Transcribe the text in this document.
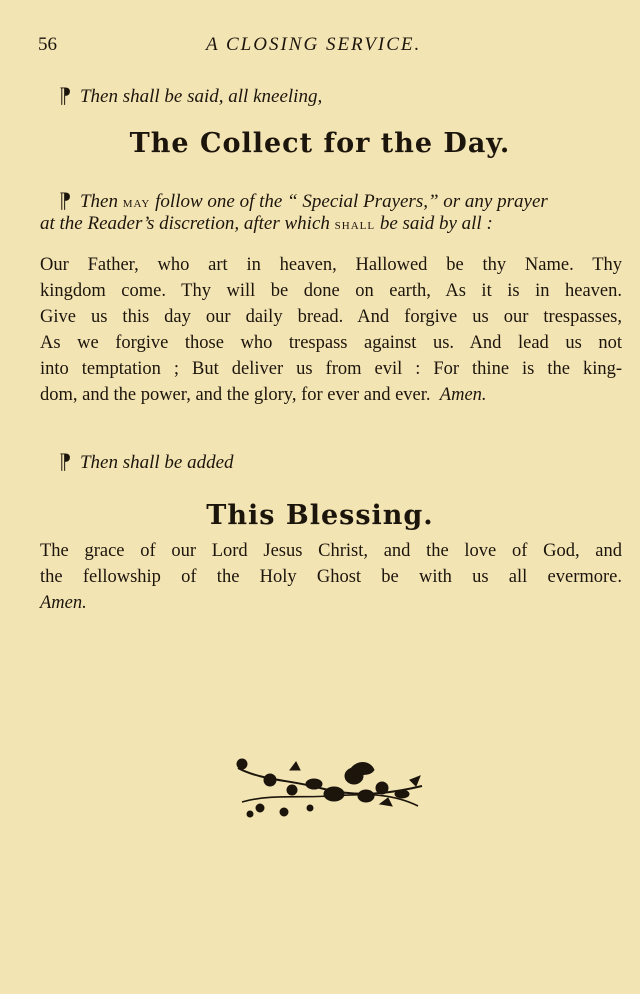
56	A CLOSING SERVICE.
¶ Then shall be said, all kneeling,
The Collect for the Day.
¶ Then may follow one of the “ Special Prayers,” or any prayer
at the Reader’s discretion, after which shall be said by all :
Our Father, who art in heaven, Hallowed be thy Name. Thy
kingdom come. Thy will be done on earth, As it is in heaven.
Give us this day our daily bread. And forgive us our trespasses,
As we forgive those who trespass against us. And lead us not
into temptation ; But deliver us from evil : For thine is the king-
dom, and the power, and the glory, for ever and ever. Amen.
¶ Then shall be added
This Blessing.
The grace of our Lord Jesus Christ, and the love of God, and
the fellowship of the Holy Ghost be with us all evermore.
Amen.
